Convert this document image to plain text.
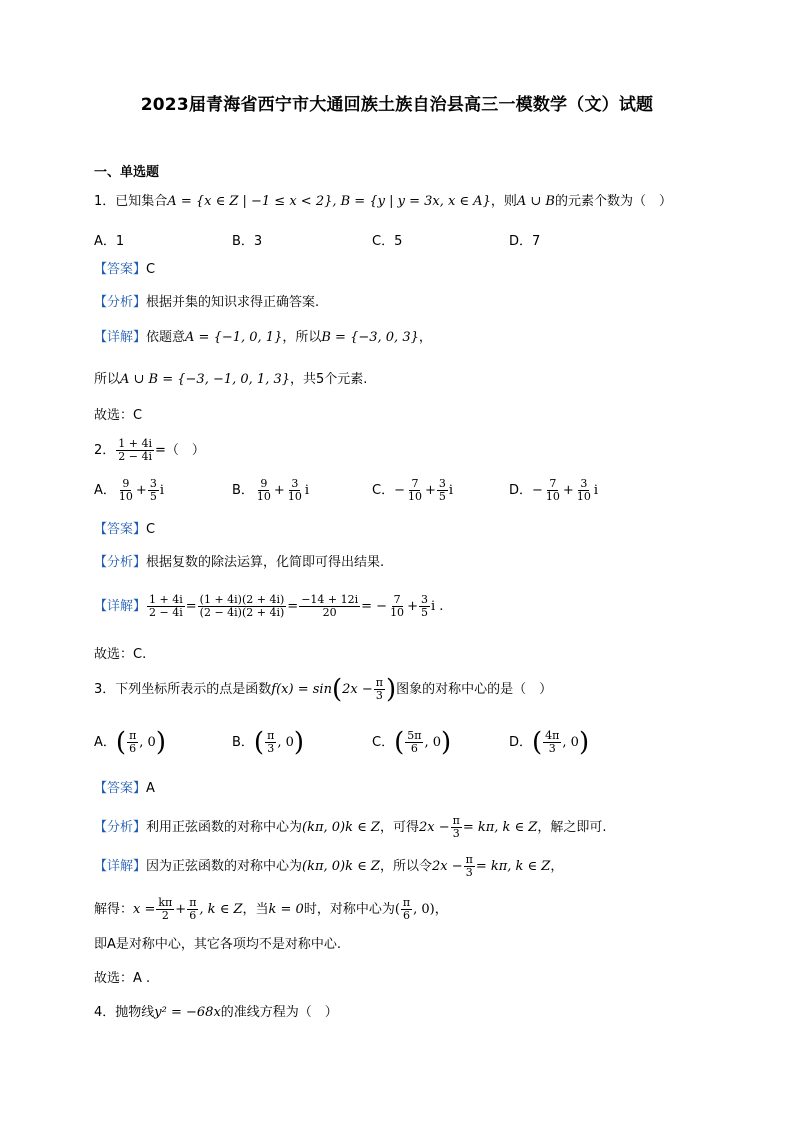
2023届青海省西宁市大通回族土族自治县高三一模数学（文）试题
一、单选题
1．已知集合A = {x ∈ Z | −1 ≤ x < 2}, B = {y | y = 3x, x ∈ A}，则A ∪ B的元素个数为（　）
A．1	B．3	C．5	D．7
【答案】C
【分析】根据并集的知识求得正确答案.
【详解】依题意A = {−1, 0, 1}，所以B = {−3, 0, 3}，
所以A ∪ B = {−3, −1, 0, 1, 3}，共5个元素.
故选：C
2． $\frac{1 + 4i}{2 - 4i}$ =（　）
A． $\frac{9}{10} + \frac{3}{5}$ i	B． $\frac{9}{10} + \frac{3}{10}$ i	C．− $\frac{7}{10} + \frac{3}{5}$ i	D．− $\frac{7}{10} + \frac{3}{10}$ i
【答案】C
【分析】根据复数的除法运算，化简即可得出结果.
【详解】 $\frac{1 + 4i}{2 - 4i} = \frac{(1 + 4i)(2 + 4i)}{(2 - 4i)(2 + 4i)} = \frac{-14 + 12i}{20}$ = − $\frac{7}{10} + \frac{3}{5}$ i .
故选：C.
3．下列坐标所表示的点是函数$f(x) = \sin(2x - \frac{\pi}{3}$ )图象的对称中心的是（　）
A．( $\frac{\pi}{6}$ , 0)	B．( $\frac{\pi}{3}$ , 0)	C．( $\frac{5\pi}{6}$ , 0)	D．( $\frac{4\pi}{3}$ , 0)
【答案】A
【分析】利用正弦函数的对称中心为(kπ, 0)k ∈ Z，可得$2x - \frac{\pi}{3} = k\pi$, k ∈ Z，解之即可.
【详解】因为正弦函数的对称中心为(kπ, 0)k ∈ Z，所以令$2x - \frac{\pi}{3} = k\pi$, k ∈ Z，
解得：$x = \frac{k\pi}{2} + \frac{\pi}{6}$ , k ∈ Z，当k = 0时，对称中心为( $\frac{\pi}{6}$ , 0)，
即A是对称中心，其它各项均不是对称中心.
故选：A .
4．抛物线y² = −68x的准线方程为（　）
